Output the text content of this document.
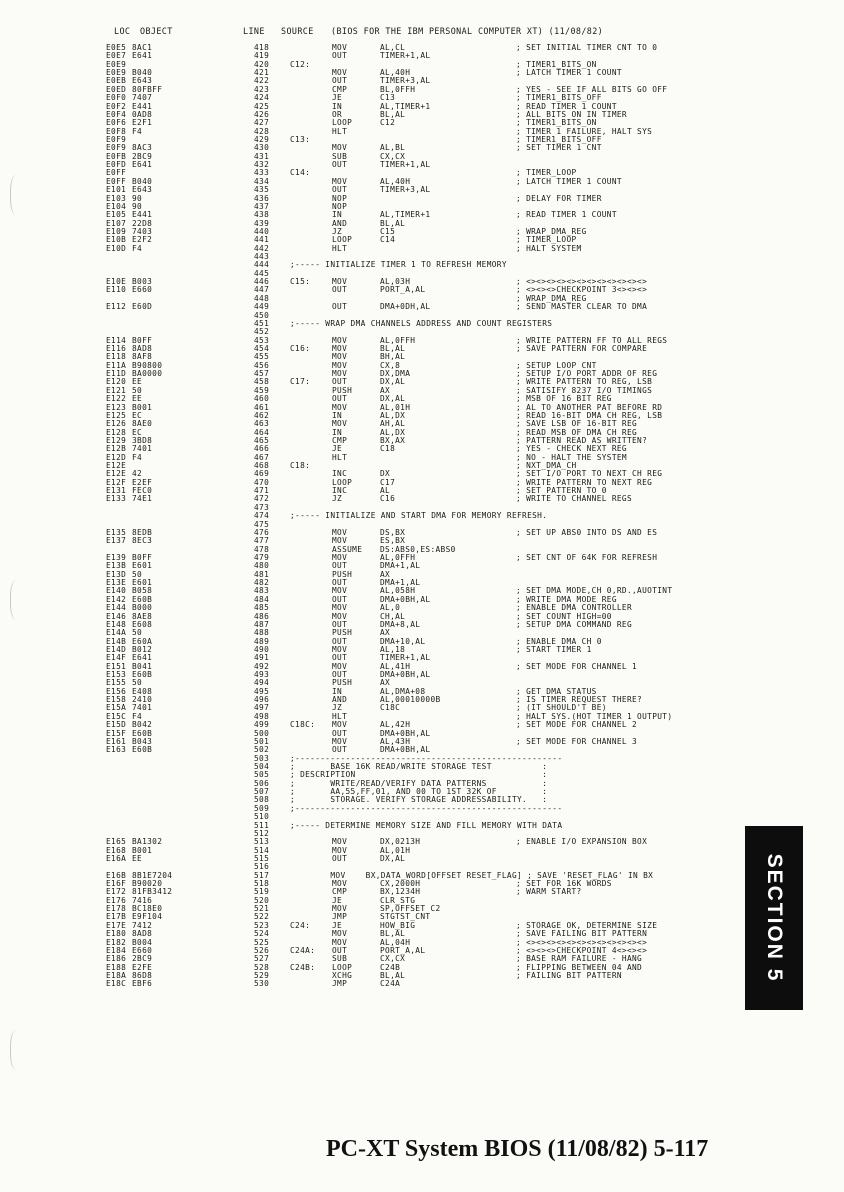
LOC OBJECT	LINE SOURCE (BIOS FOR THE IBM PERSONAL COMPUTER XT) (11/08/82)
E0E5 8AC1	418	MOV	AL,CL	; SET INITIAL TIMER CNT TO 0
E0E7 E641	419	OUT	TIMER+1,AL
E0E9	420	C12:	; TIMER1_BITS_ON
E0E9 B040	421	MOV	AL,40H	; LATCH TIMER 1 COUNT
E0EB E643	422	OUT	TIMER+3,AL
E0ED 80FBFF	423	CMP	BL,0FFH	; YES - SEE IF ALL BITS GO OFF
E0F0 7407	424	JE	C13	; TIMER1_BITS_OFF
E0F2 E441	425	IN	AL,TIMER+1	; READ TIMER 1 COUNT
E0F4 0AD8	426	OR	BL,AL	; ALL BITS ON IN TIMER
E0F6 E2F1	427	LOOP	C12	; TIMER1_BITS_ON
E0F8 F4	428	HLT	; TIMER 1 FAILURE, HALT SYS
E0F9	429	C13:	; TIMER1_BITS_OFF
E0F9 8AC3	430	MOV	AL,BL	; SET TIMER 1 CNT
E0FB 2BC9	431	SUB	CX,CX
E0FD E641	432	OUT	TIMER+1,AL
E0FF	433	C14:	; TIMER_LOOP
E0FF B040	434	MOV	AL,40H	; LATCH TIMER 1 COUNT
E101 E643	435	OUT	TIMER+3,AL
E103 90	436	NOP	; DELAY FOR TIMER
E104 90	437	NOP
E105 E441	438	IN	AL,TIMER+1	; READ TIMER 1 COUNT
E107 22D8	439	AND	BL,AL
E109 7403	440	JZ	C15	; WRAP_DMA_REG
E10B E2F2	441	LOOP	C14	; TIMER_LOOP
E10D F4	442	HLT	; HALT SYSTEM
443
444	;----- INITIALIZE TIMER 1 TO REFRESH MEMORY
445
E10E B003	446	C15:	MOV	AL,03H	; <><><><><><><><><><><><>
E110 E660	447	OUT	PORT_A,AL	; <><><>CHECKPOINT 3<><><>
448	; WRAP_DMA_REG
E112 E60D	449	OUT	DMA+0DH,AL	; SEND MASTER CLEAR TO DMA
450
451	;----- WRAP DMA CHANNELS ADDRESS AND COUNT REGISTERS
452
E114 B0FF	453	MOV	AL,0FFH	; WRITE PATTERN FF TO ALL REGS
E116 8AD8	454	C16:	MOV	BL,AL	; SAVE PATTERN FOR COMPARE
E118 8AF8	455	MOV	BH,AL
E11A B90800	456	MOV	CX,8	; SETUP LOOP CNT
E11D BA0000	457	MOV	DX,DMA	; SETUP I/O PORT ADDR OF REG
E120 EE	458	C17:	OUT	DX,AL	; WRITE PATTERN TO REG, LSB
E121 50	459	PUSH	AX	; SATISIFY 8237 I/O TIMINGS
E122 EE	460	OUT	DX,AL	; MSB OF 16 BIT REG
E123 B001	461	MOV	AL,01H	; AL TO ANOTHER PAT BEFORE RD
E125 EC	462	IN	AL,DX	; READ 16-BIT DMA CH REG, LSB
E126 8AE0	463	MOV	AH,AL	; SAVE LSB OF 16-BIT REG
E128 EC	464	IN	AL,DX	; READ MSB OF DMA CH REG
E129 3BD8	465	CMP	BX,AX	; PATTERN READ AS WRITTEN?
E12B 7401	466	JE	C18	; YES - CHECK NEXT REG
E12D F4	467	HLT	; NO - HALT THE SYSTEM
E12E	468	C18:	; NXT_DMA_CH
E12E 42	469	INC	DX	; SET I/O PORT TO NEXT CH REG
E12F E2EF	470	LOOP	C17	; WRITE PATTERN TO NEXT REG
E131 FEC0	471	INC	AL	; SET PATTERN TO 0
E133 74E1	472	JZ	C16	; WRITE TO CHANNEL REGS
473
474	;----- INITIALIZE AND START DMA FOR MEMORY REFRESH.
475
E135 8EDB	476	MOV	DS,BX	; SET UP ABS0 INTO DS AND ES
E137 8EC3	477	MOV	ES,BX
478	ASSUME DS:ABS0,ES:ABS0
E139 B0FF	479	MOV	AL,0FFH	; SET CNT OF 64K FOR REFRESH
E13B E601	480	OUT	DMA+1,AL
E13D 50	481	PUSH	AX
E13E E601	482	OUT	DMA+1,AL
E140 B058	483	MOV	AL,058H	; SET DMA MODE,CH 0,RD.,AUOTINT
E142 E60B	484	OUT	DMA+0BH,AL	; WRITE DMA MODE REG
E144 B000	485	MOV	AL,0	; ENABLE DMA CONTROLLER
E146 8AE8	486	MOV	CH,AL	; SET COUNT HIGH=00
E148 E608	487	OUT	DMA+8,AL	; SETUP DMA COMMAND REG
E14A 50	488	PUSH	AX
E14B E60A	489	OUT	DMA+10,AL	; ENABLE DMA CH 0
E14D B012	490	MOV	AL,18	; START TIMER 1
E14F E641	491	OUT	TIMER+1,AL
E151 B041	492	MOV	AL,41H	; SET MODE FOR CHANNEL 1
E153 E60B	493	OUT	DMA+0BH,AL
E155 50	494	PUSH	AX
E156 E408	495	IN	AL,DMA+08	; GET DMA STATUS
E158 2410	496	AND	AL,00010000B	; IS TIMER REQUEST THERE?
E15A 7401	497	JZ	C18C	; (IT SHOULD'T BE)
E15C F4	498	HLT	; HALT SYS.(HOT TIMER 1 OUTPUT)
E15D B042	499	C18C: MOV	AL,42H	; SET MODE FOR CHANNEL 2
E15F E60B	500	OUT	DMA+0BH,AL
E161 B043	501	MOV	AL,43H	; SET MODE FOR CHANNEL 3
E163 E60B	502	OUT	DMA+0BH,AL
503	;-----------------------------------------------------
504	;       BASE 16K READ/WRITE STORAGE TEST          :
505	; DESCRIPTION                                     :
506	;       WRITE/READ/VERIFY DATA PATTERNS           :
507	;       AA,55,FF,01, AND 00 TO 1ST 32K OF         :
508	;       STORAGE. VERIFY STORAGE ADDRESSABILITY.   :
509	;-----------------------------------------------------
510
511	;----- DETERMINE MEMORY SIZE AND FILL MEMORY WITH DATA
512
E165 BA1302	513	MOV	DX,0213H	; ENABLE I/O EXPANSION BOX
E168 B001	514	MOV	AL,01H
E16A EE	515	OUT	DX,AL
516
E16B 8B1E7204	517	MOV    BX,DATA_WORD[OFFSET RESET_FLAG] ; SAVE 'RESET_FLAG' IN BX
E16F B90020	518	MOV	CX,2000H	; SET FOR 16K WORDS
E172 81FB3412	519	CMP	BX,1234H	; WARM START?
E176 7416	520	JE	CLR_STG
E178 BC18E0	521	MOV	SP,OFFSET C2
E17B E9F104	522	JMP	STGTST_CNT
E17E 7412	523	C24:	JE	HOW_BIG	; STORAGE OK, DETERMINE SIZE
E180 8AD8	524	MOV	BL,AL	; SAVE FAILING BIT PATTERN
E182 B004	525	MOV	AL,04H	; <><><><><><><><><><><><>
E184 E660	526	C24A: OUT	PORT_A,AL	; <><><>CHECKPOINT 4<><><>
E186 2BC9	527	SUB	CX,CX	; BASE RAM FAILURE - HANG
E188 E2FE	528	C24B: LOOP	C24B	; FLIPPING BETWEEN 04 AND
E18A 86D8	529	XCHG	BL,AL	; FAILING BIT PATTERN
E18C EBF6	530	JMP	C24A
SECTION 5
PC-XT System BIOS (11/08/82) 5-117
